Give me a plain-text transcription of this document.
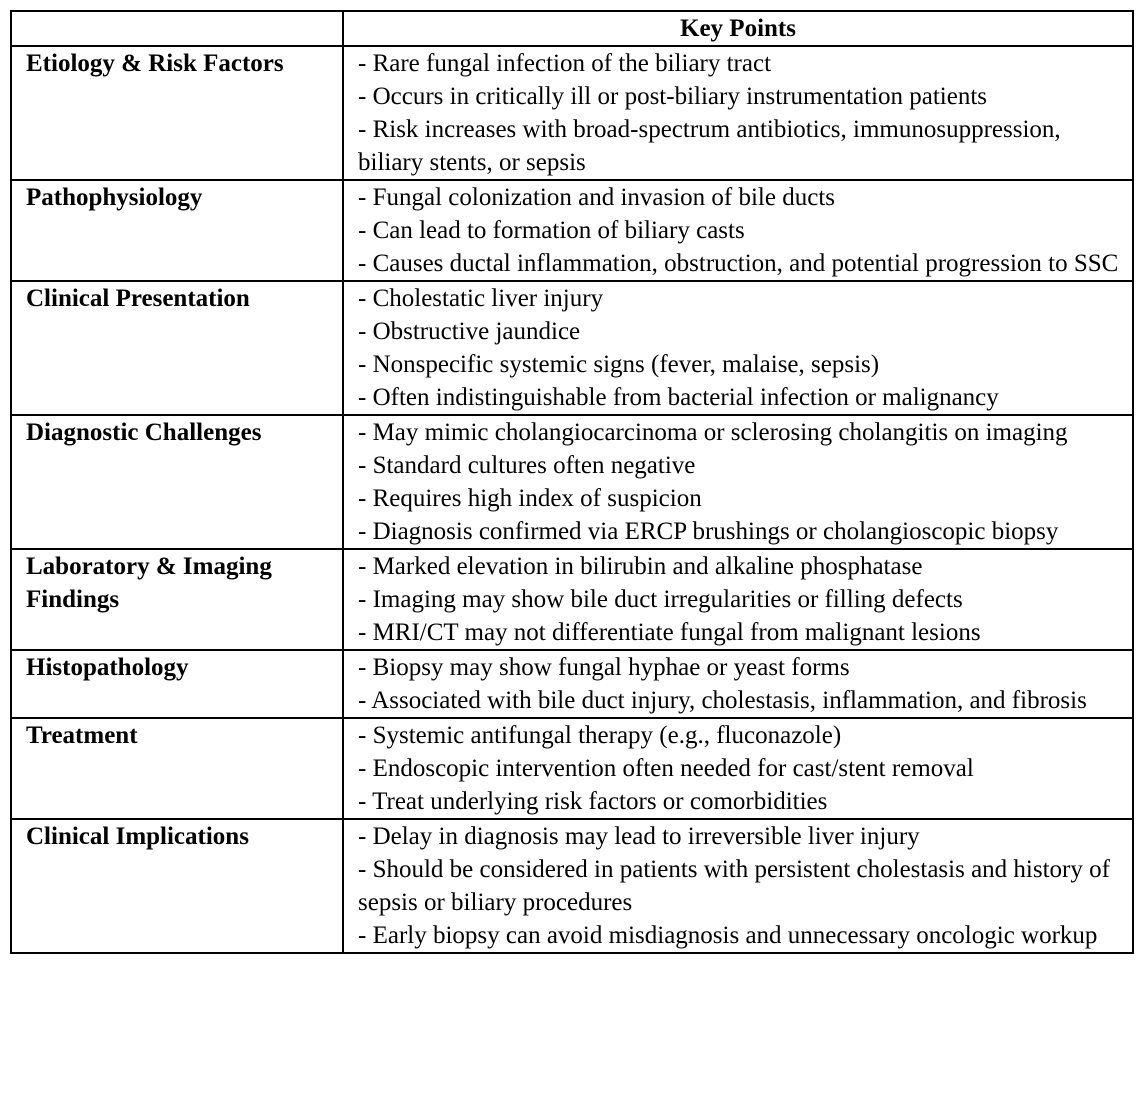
	Key Points
Etiology & Risk Factors	- Rare fungal infection of the biliary tract
- Occurs in critically ill or post-biliary instrumentation patients
- Risk increases with broad-spectrum antibiotics, immunosuppression, biliary stents, or sepsis

Pathophysiology	- Fungal colonization and invasion of bile ducts
- Can lead to formation of biliary casts
- Causes ductal inflammation, obstruction, and potential progression to SSC

Clinical Presentation	- Cholestatic liver injury
- Obstructive jaundice
- Nonspecific systemic signs (fever, malaise, sepsis)
- Often indistinguishable from bacterial infection or malignancy

Diagnostic Challenges	- May mimic cholangiocarcinoma or sclerosing cholangitis on imaging
- Standard cultures often negative
- Requires high index of suspicion
- Diagnosis confirmed via ERCP brushings or cholangioscopic biopsy

Laboratory & Imaging Findings	- Marked elevation in bilirubin and alkaline phosphatase
- Imaging may show bile duct irregularities or filling defects
- MRI/CT may not differentiate fungal from malignant lesions

Histopathology	- Biopsy may show fungal hyphae or yeast forms
- Associated with bile duct injury, cholestasis, inflammation, and fibrosis

Treatment	- Systemic antifungal therapy (e.g., fluconazole)
- Endoscopic intervention often needed for cast/stent removal
- Treat underlying risk factors or comorbidities

Clinical Implications	- Delay in diagnosis may lead to irreversible liver injury
- Should be considered in patients with persistent cholestasis and history of sepsis or biliary procedures
- Early biopsy can avoid misdiagnosis and unnecessary oncologic workup
